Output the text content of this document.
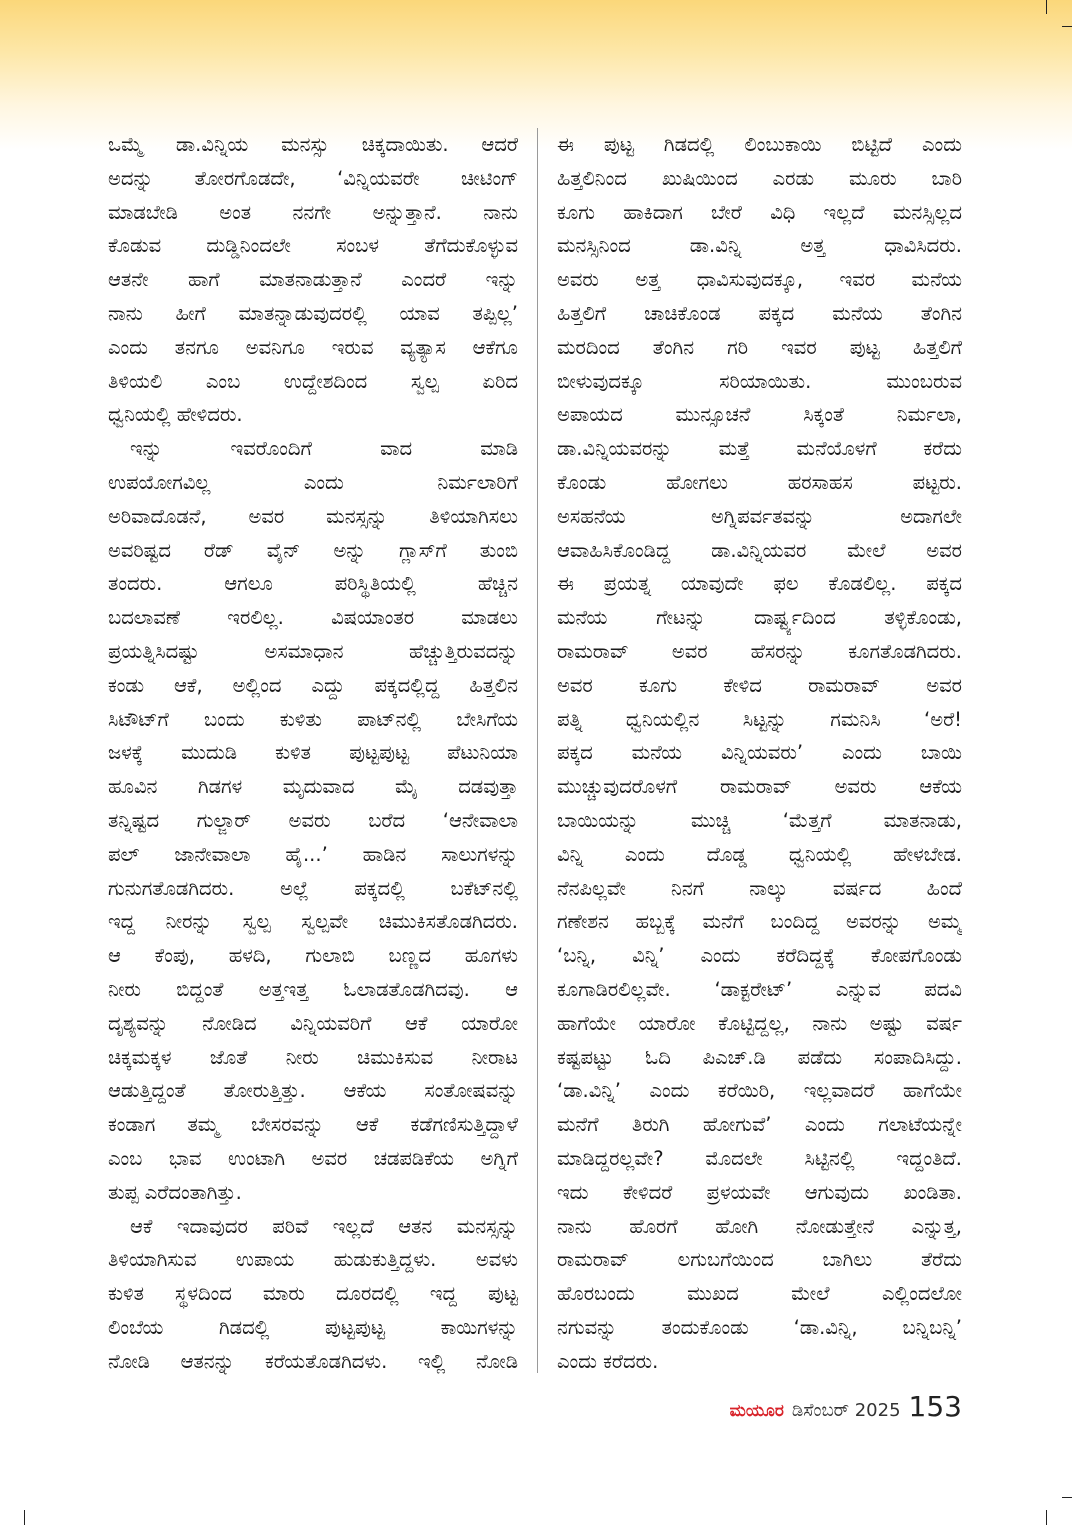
ಒಮ್ಮೆ ಡಾ.ವಿನ್ನಿಯ ಮನಸ್ಸು ಚಿಕ್ಕದಾಯಿತು. ಆದರೆ
ಅದನ್ನು ತೋರಗೊಡದೇ, ‘ವಿನ್ನಿಯವರೇ ಚೀಟಿಂಗ್
ಮಾಡಬೇಡಿ ಅಂತ ನನಗೇ ಅನ್ನುತ್ತಾನೆ. ನಾನು
ಕೊಡುವ ದುಡ್ಡಿನಿಂದಲೇ ಸಂಬಳ ತೆಗೆದುಕೊಳ್ಳುವ
ಆತನೇ ಹಾಗೆ ಮಾತನಾಡುತ್ತಾನೆ ಎಂದರೆ ಇನ್ನು
ನಾನು ಹೀಗೆ ಮಾತನ್ನಾಡುವುದರಲ್ಲಿ ಯಾವ ತಪ್ಪಿಲ್ಲ’
ಎಂದು ತನಗೂ ಅವನಿಗೂ ಇರುವ ವ್ಯತ್ಯಾಸ ಆಕೆಗೂ
ತಿಳಿಯಲಿ ಎಂಬ ಉದ್ದೇಶದಿಂದ ಸ್ವಲ್ಪ ಏರಿದ
ಧ್ವನಿಯಲ್ಲಿ ಹೇಳಿದರು.
ಇನ್ನು ಇವರೊಂದಿಗೆ ವಾದ ಮಾಡಿ
ಉಪಯೋಗವಿಲ್ಲ ಎಂದು ನಿರ್ಮಲಾರಿಗೆ
ಅರಿವಾದೊಡನೆ, ಅವರ ಮನಸ್ಸನ್ನು ತಿಳಿಯಾಗಿಸಲು
ಅವರಿಷ್ಟದ ರೆಡ್ ವೈನ್ ಅನ್ನು ಗ್ಲಾಸ್‌ಗೆ ತುಂಬಿ
ತಂದರು. ಆಗಲೂ ಪರಿಸ್ಥಿತಿಯಲ್ಲಿ ಹೆಚ್ಚಿನ
ಬದಲಾವಣೆ ಇರಲಿಲ್ಲ. ವಿಷಯಾಂತರ ಮಾಡಲು
ಪ್ರಯತ್ನಿಸಿದಷ್ಟು ಅಸಮಾಧಾನ ಹೆಚ್ಚುತ್ತಿರುವದನ್ನು
ಕಂಡು ಆಕೆ, ಅಲ್ಲಿಂದ ಎದ್ದು ಪಕ್ಕದಲ್ಲಿದ್ದ ಹಿತ್ತಲಿನ
ಸಿಟೌಟ್‌ಗೆ ಬಂದು ಕುಳಿತು ಪಾಟ್‌ನಲ್ಲಿ ಬೇಸಿಗೆಯ
ಜಳಕ್ಕೆ ಮುದುಡಿ ಕುಳಿತ ಪುಟ್ಟಪುಟ್ಟ ಪೆಟುನಿಯಾ
ಹೂವಿನ ಗಿಡಗಳ ಮೃದುವಾದ ಮೈ ದಡವುತ್ತಾ
ತನ್ನಿಷ್ಟದ ಗುಲ್ಜಾರ್ ಅವರು ಬರೆದ ‘ಆನೇವಾಲಾ
ಪಲ್ ಜಾನೇವಾಲಾ ಹೈ...’ ಹಾಡಿನ ಸಾಲುಗಳನ್ನು
ಗುನುಗತೊಡಗಿದರು. ಅಲ್ಲೆ ಪಕ್ಕದಲ್ಲಿ ಬಕೆಟ್‌ನಲ್ಲಿ
ಇದ್ದ ನೀರನ್ನು ಸ್ವಲ್ಪ ಸ್ವಲ್ಪವೇ ಚಿಮುಕಿಸತೊಡಗಿದರು.
ಆ ಕೆಂಪು, ಹಳದಿ, ಗುಲಾಬಿ ಬಣ್ಣದ ಹೂಗಳು
ನೀರು ಬಿದ್ದಂತೆ ಅತ್ತಇತ್ತ ಓಲಾಡತೊಡಗಿದವು. ಆ
ದೃಶ್ಯವನ್ನು ನೋಡಿದ ವಿನ್ನಿಯವರಿಗೆ ಆಕೆ ಯಾರೋ
ಚಿಕ್ಕಮಕ್ಕಳ ಜೊತೆ ನೀರು ಚಿಮುಕಿಸುವ ನೀರಾಟ
ಆಡುತ್ತಿದ್ದಂತೆ ತೋರುತ್ತಿತ್ತು. ಆಕೆಯ ಸಂತೋಷವನ್ನು
ಕಂಡಾಗ ತಮ್ಮ ಬೇಸರವನ್ನು ಆಕೆ ಕಡೆಗಣಿಸುತ್ತಿದ್ದಾಳೆ
ಎಂಬ ಭಾವ ಉಂಟಾಗಿ ಅವರ ಚಡಪಡಿಕೆಯ ಅಗ್ನಿಗೆ
ತುಪ್ಪ ಎರೆದಂತಾಗಿತ್ತು.
ಆಕೆ ಇದಾವುದರ ಪರಿವೆ ಇಲ್ಲದೆ ಆತನ ಮನಸ್ಸನ್ನು
ತಿಳಿಯಾಗಿಸುವ ಉಪಾಯ ಹುಡುಕುತ್ತಿದ್ದಳು. ಅವಳು
ಕುಳಿತ ಸ್ಥಳದಿಂದ ಮಾರು ದೂರದಲ್ಲಿ ಇದ್ದ ಪುಟ್ಟ
ಲಿಂಬೆಯ ಗಿಡದಲ್ಲಿ ಪುಟ್ಟಪುಟ್ಟ ಕಾಯಿಗಳನ್ನು
ನೋಡಿ ಆತನನ್ನು ಕರೆಯತೊಡಗಿದಳು. ಇಲ್ಲಿ ನೋಡಿ
ಈ ಪುಟ್ಟ ಗಿಡದಲ್ಲಿ ಲಿಂಬುಕಾಯಿ ಬಿಟ್ಟಿದೆ ಎಂದು
ಹಿತ್ತಲಿನಿಂದ ಖುಷಿಯಿಂದ ಎರಡು ಮೂರು ಬಾರಿ
ಕೂಗು ಹಾಕಿದಾಗ ಬೇರೆ ವಿಧಿ ಇಲ್ಲದೆ ಮನಸ್ಸಿಲ್ಲದ
ಮನಸ್ಸಿನಿಂದ ಡಾ.ವಿನ್ನಿ ಅತ್ತ ಧಾವಿಸಿದರು.
ಅವರು ಅತ್ತ ಧಾವಿಸುವುದಕ್ಕೂ, ಇವರ ಮನೆಯ
ಹಿತ್ತಲಿಗೆ ಚಾಚಿಕೊಂಡ ಪಕ್ಕದ ಮನೆಯ ತೆಂಗಿನ
ಮರದಿಂದ ತೆಂಗಿನ ಗರಿ ಇವರ ಪುಟ್ಟ ಹಿತ್ತಲಿಗೆ
ಬೀಳುವುದಕ್ಕೂ ಸರಿಯಾಯಿತು. ಮುಂಬರುವ
ಅಪಾಯದ ಮುನ್ಸೂಚನೆ ಸಿಕ್ಕಂತೆ ನಿರ್ಮಲಾ,
ಡಾ.ವಿನ್ನಿಯವರನ್ನು ಮತ್ತೆ ಮನೆಯೊಳಗೆ ಕರೆದು
ಕೊಂಡು ಹೋಗಲು ಹರಸಾಹಸ ಪಟ್ಟರು.
ಅಸಹನೆಯ ಅಗ್ನಿಪರ್ವತವನ್ನು ಅದಾಗಲೇ
ಆವಾಹಿಸಿಕೊಂಡಿದ್ದ ಡಾ.ವಿನ್ನಿಯವರ ಮೇಲೆ ಅವರ
ಈ ಪ್ರಯತ್ನ ಯಾವುದೇ ಫಲ ಕೊಡಲಿಲ್ಲ. ಪಕ್ಕದ
ಮನೆಯ ಗೇಟನ್ನು ದಾರ್ಷ್ಟ್ಯದಿಂದ ತಳ್ಳಿಕೊಂಡು,
ರಾಮರಾವ್ ಅವರ ಹೆಸರನ್ನು ಕೂಗತೊಡಗಿದರು.
ಅವರ ಕೂಗು ಕೇಳಿದ ರಾಮರಾವ್ ಅವರ
ಪತ್ನಿ ಧ್ವನಿಯಲ್ಲಿನ ಸಿಟ್ಟನ್ನು ಗಮನಿಸಿ ‘ಅರೆ!
ಪಕ್ಕದ ಮನೆಯ ವಿನ್ನಿಯವರು’ ಎಂದು ಬಾಯಿ
ಮುಚ್ಚುವುದರೊಳಗೆ ರಾಮರಾವ್ ಅವರು ಆಕೆಯ
ಬಾಯಿಯನ್ನು ಮುಚ್ಚಿ ‘ಮೆತ್ತಗೆ ಮಾತನಾಡು,
ವಿನ್ನಿ ಎಂದು ದೊಡ್ಡ ಧ್ವನಿಯಲ್ಲಿ ಹೇಳಬೇಡ.
ನೆನಪಿಲ್ಲವೇ ನಿನಗೆ ನಾಲ್ಕು ವರ್ಷದ ಹಿಂದೆ
ಗಣೇಶನ ಹಬ್ಬಕ್ಕೆ ಮನೆಗೆ ಬಂದಿದ್ದ ಅವರನ್ನು ಅಮ್ಮ
‘ಬನ್ನಿ, ವಿನ್ನಿ’ ಎಂದು ಕರೆದಿದ್ದಕ್ಕೆ ಕೋಪಗೊಂಡು
ಕೂಗಾಡಿರಲಿಲ್ಲವೇ. ‘ಡಾಕ್ಟರೇಟ್’ ಎನ್ನುವ ಪದವಿ
ಹಾಗೆಯೇ ಯಾರೋ ಕೊಟ್ಟಿದ್ದಲ್ಲ, ನಾನು ಅಷ್ಟು ವರ್ಷ
ಕಷ್ಟಪಟ್ಟು ಓದಿ ಪಿಎಚ್.ಡಿ ಪಡೆದು ಸಂಪಾದಿಸಿದ್ದು.
‘ಡಾ.ವಿನ್ನಿ’ ಎಂದು ಕರೆಯಿರಿ, ಇಲ್ಲವಾದರೆ ಹಾಗೆಯೇ
ಮನೆಗೆ ತಿರುಗಿ ಹೋಗುವೆ’ ಎಂದು ಗಲಾಟೆಯನ್ನೇ
ಮಾಡಿದ್ದರಲ್ಲವೇ? ಮೊದಲೇ ಸಿಟ್ಟಿನಲ್ಲಿ ಇದ್ದಂತಿದೆ.
ಇದು ಕೇಳಿದರೆ ಪ್ರಳಯವೇ ಆಗುವುದು ಖಂಡಿತಾ.
ನಾನು ಹೊರಗೆ ಹೋಗಿ ನೋಡುತ್ತೇನೆ ಎನ್ನುತ್ತ,
ರಾಮರಾವ್ ಲಗುಬಗೆಯಿಂದ ಬಾಗಿಲು ತೆರೆದು
ಹೊರಬಂದು ಮುಖದ ಮೇಲೆ ಎಲ್ಲಿಂದಲೋ
ನಗುವನ್ನು ತಂದುಕೊಂಡು ‘ಡಾ.ವಿನ್ನಿ, ಬನ್ನಿಬನ್ನಿ’
ಎಂದು ಕರೆದರು.
ಮಯೂರ ಡಿಸೆಂಬರ್ 2025 153
